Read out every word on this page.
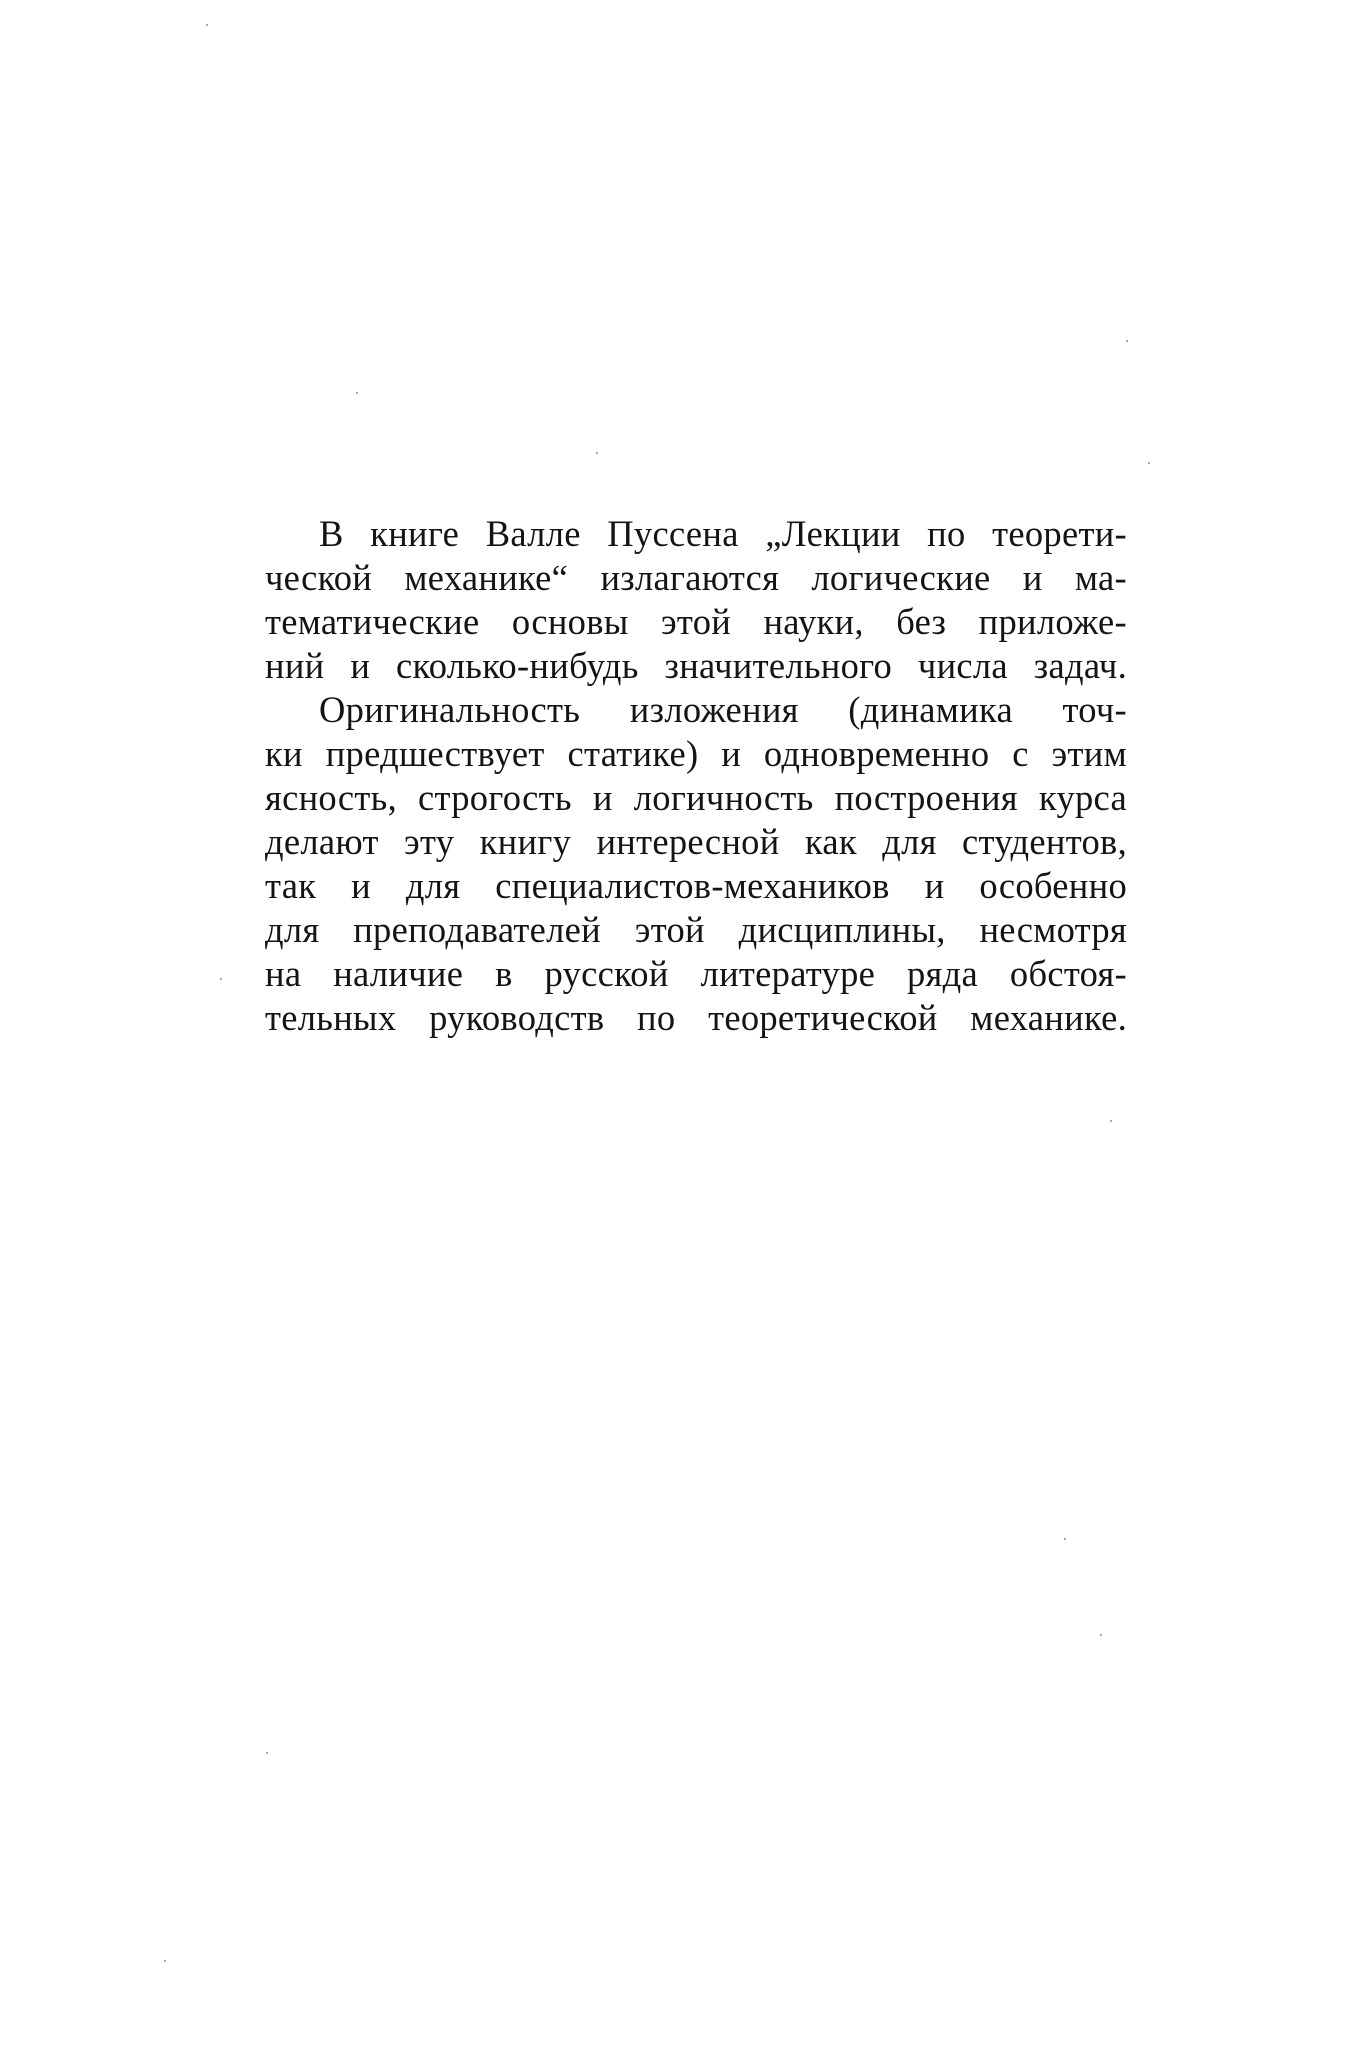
В книге Валле Пуссена „Лекции по теорети-
ческой механике“ излагаются логические и ма-
тематические основы этой науки, без приложе-
ний и сколько-нибудь значительного числа задач.
Оригинальность изложения (динамика точ-
ки предшествует статике) и одновременно с этим
ясность, строгость и логичность построения курса
делают эту книгу интересной как для студентов,
так и для специалистов-механиков и особенно
для преподавателей этой дисциплины, несмотря
на наличие в русской литературе ряда обстоя-
тельных руководств по теоретической механике.
